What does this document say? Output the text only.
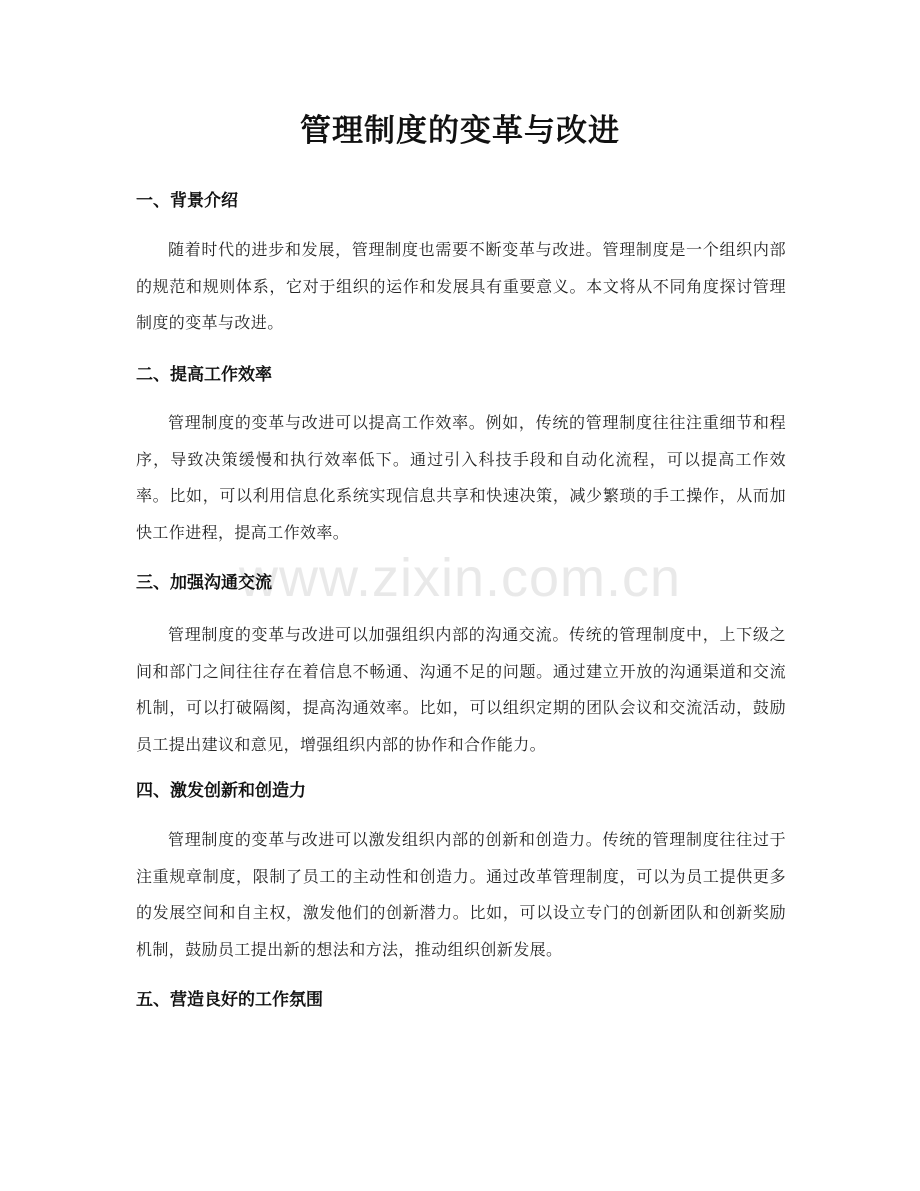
www.zixin.com.cn
管理制度的变革与改进
一、背景介绍

随着时代的进步和发展，管理制度也需要不断变革与改进。管理制度是一个组织内部的规范和规则体系，它对于组织的运作和发展具有重要意义。本文将从不同角度探讨管理制度的变革与改进。

二、提高工作效率

管理制度的变革与改进可以提高工作效率。例如，传统的管理制度往往注重细节和程序，导致决策缓慢和执行效率低下。通过引入科技手段和自动化流程，可以提高工作效率。比如，可以利用信息化系统实现信息共享和快速决策，减少繁琐的手工操作，从而加快工作进程，提高工作效率。

三、加强沟通交流

管理制度的变革与改进可以加强组织内部的沟通交流。传统的管理制度中，上下级之间和部门之间往往存在着信息不畅通、沟通不足的问题。通过建立开放的沟通渠道和交流机制，可以打破隔阂，提高沟通效率。比如，可以组织定期的团队会议和交流活动，鼓励员工提出建议和意见，增强组织内部的协作和合作能力。

四、激发创新和创造力

管理制度的变革与改进可以激发组织内部的创新和创造力。传统的管理制度往往过于注重规章制度，限制了员工的主动性和创造力。通过改革管理制度，可以为员工提供更多的发展空间和自主权，激发他们的创新潜力。比如，可以设立专门的创新团队和创新奖励机制，鼓励员工提出新的想法和方法，推动组织创新发展。

五、营造良好的工作氛围
